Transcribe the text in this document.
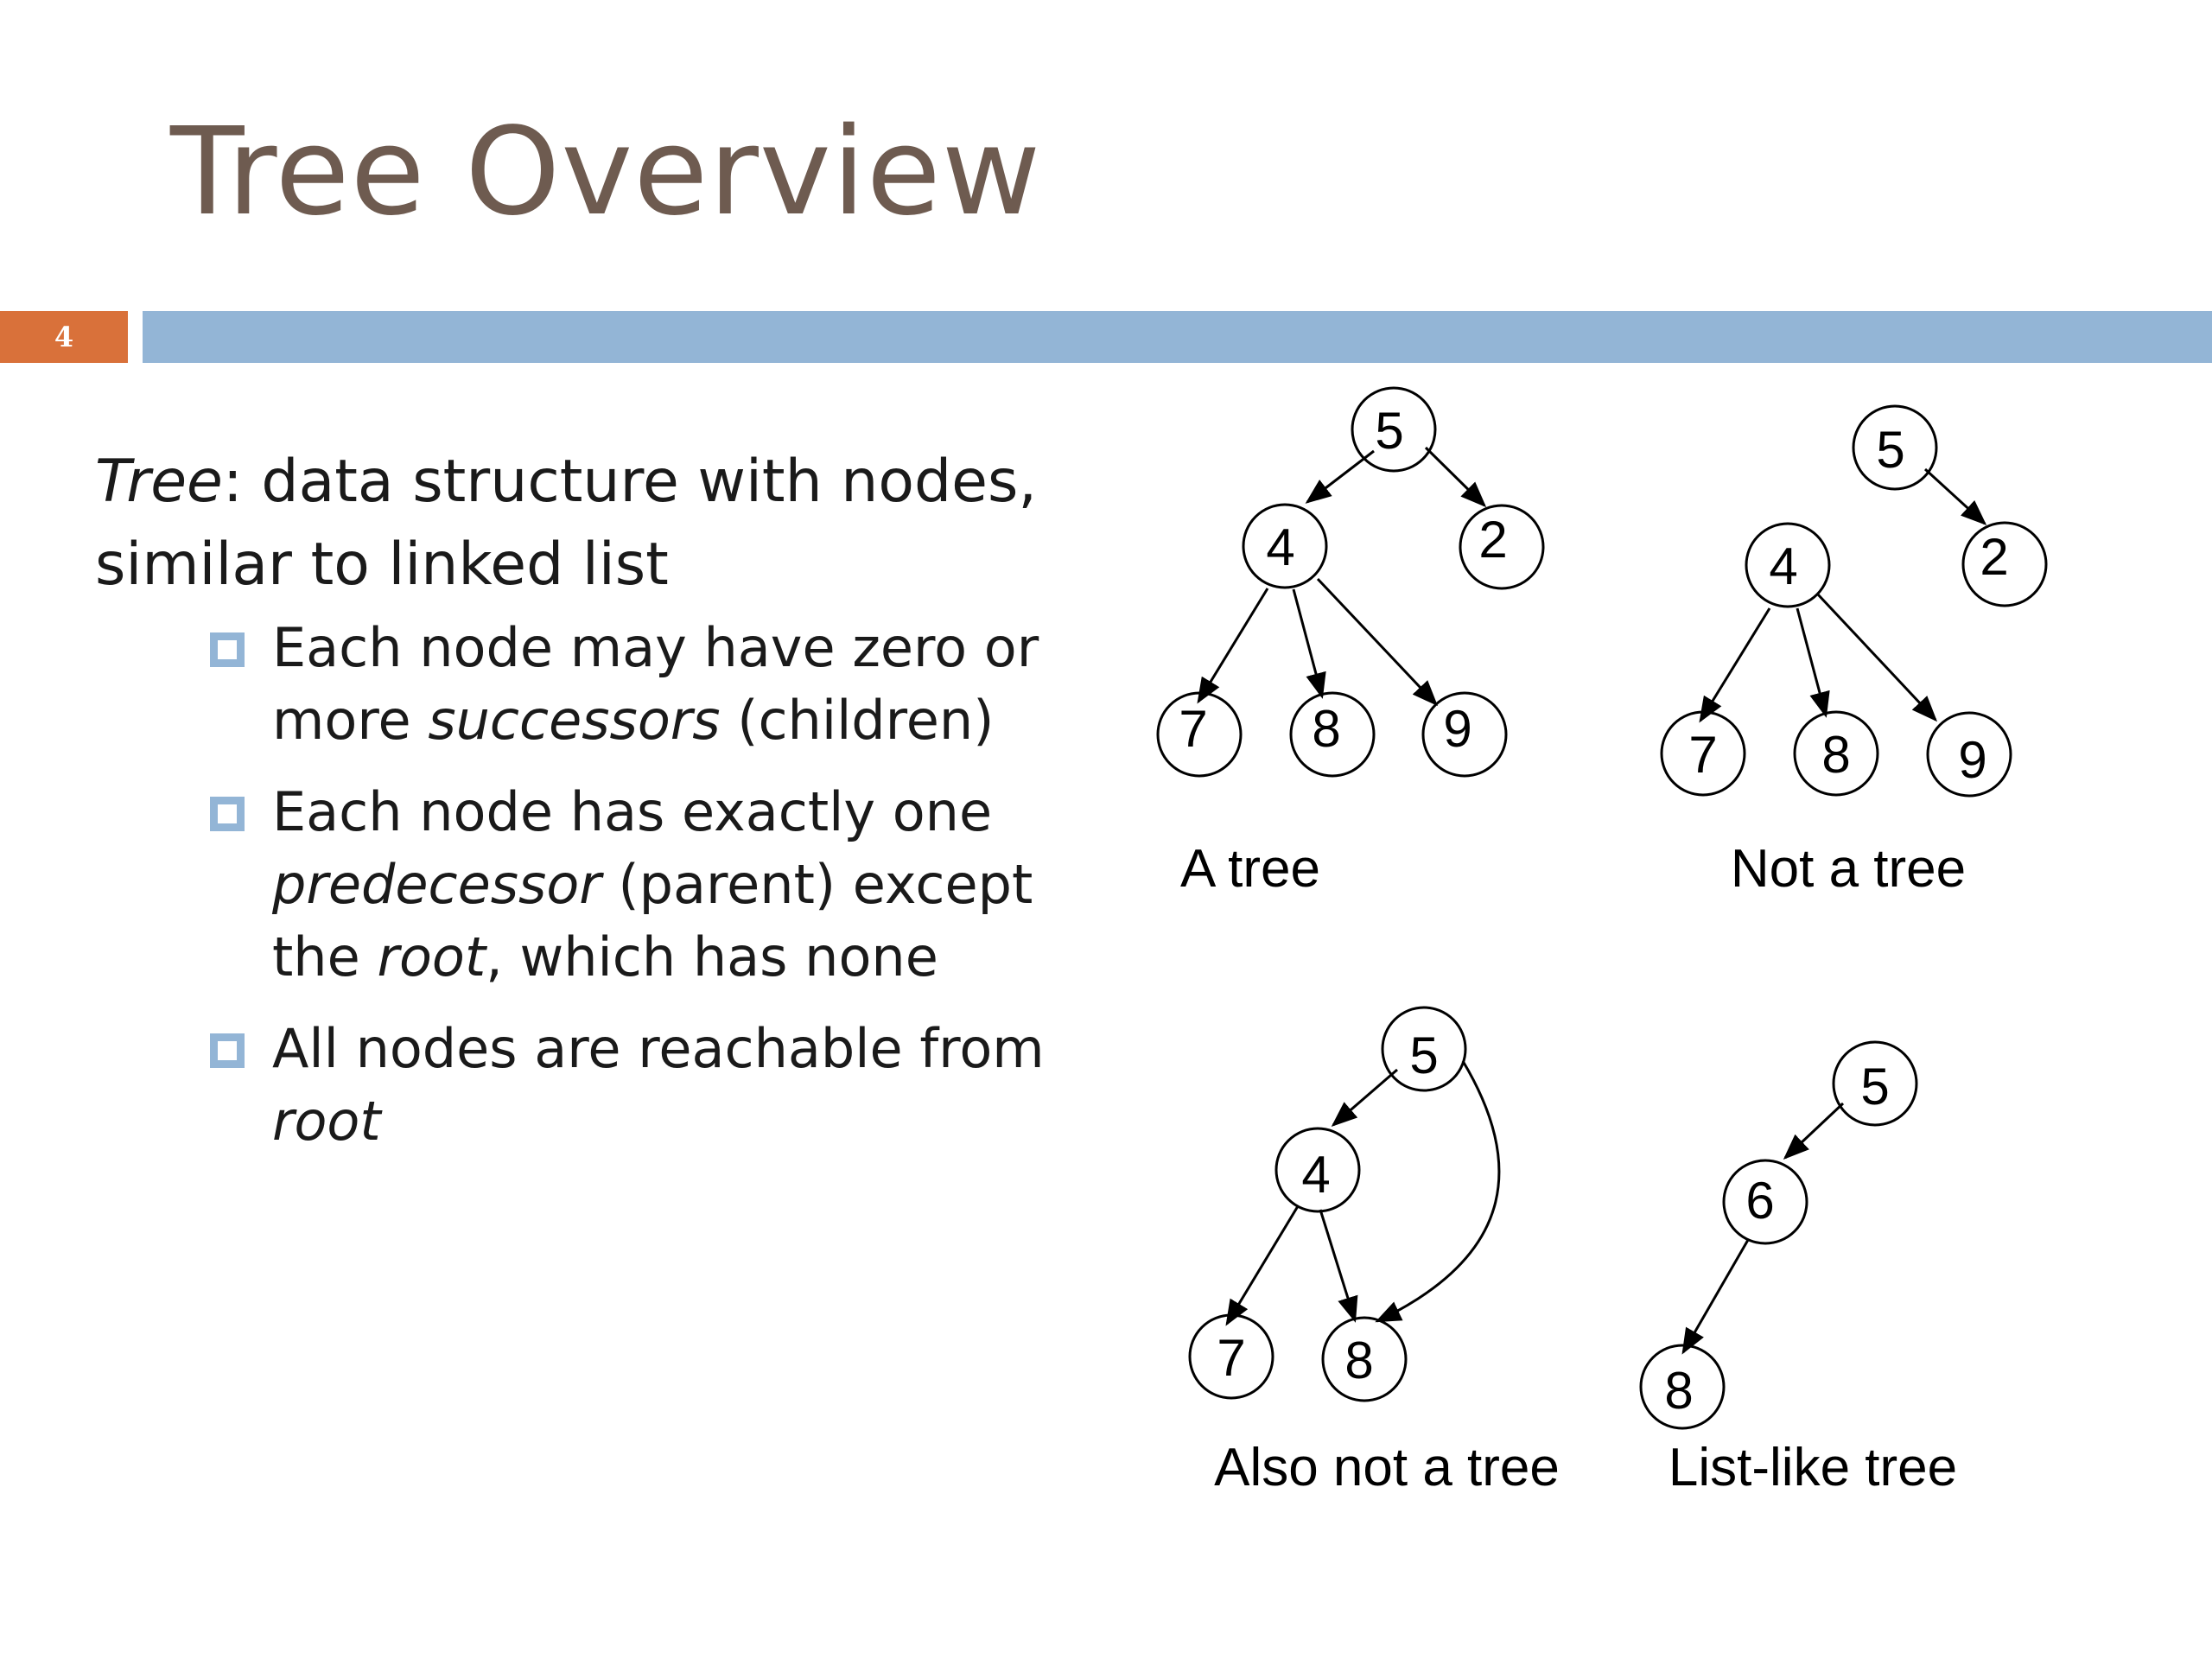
Tree Overview
4

Tree: data structure with nodes, similar to linked list

Each node may have zero or more successors (children)
Each node has exactly one predecessor (parent) except the root, which has none
All nodes are reachable from root
5
4	2
7 8 9
A tree
5
2
4
7 8 9
Not a tree
5
4
7 8
Also not a tree
5
6
8
List-like tree
